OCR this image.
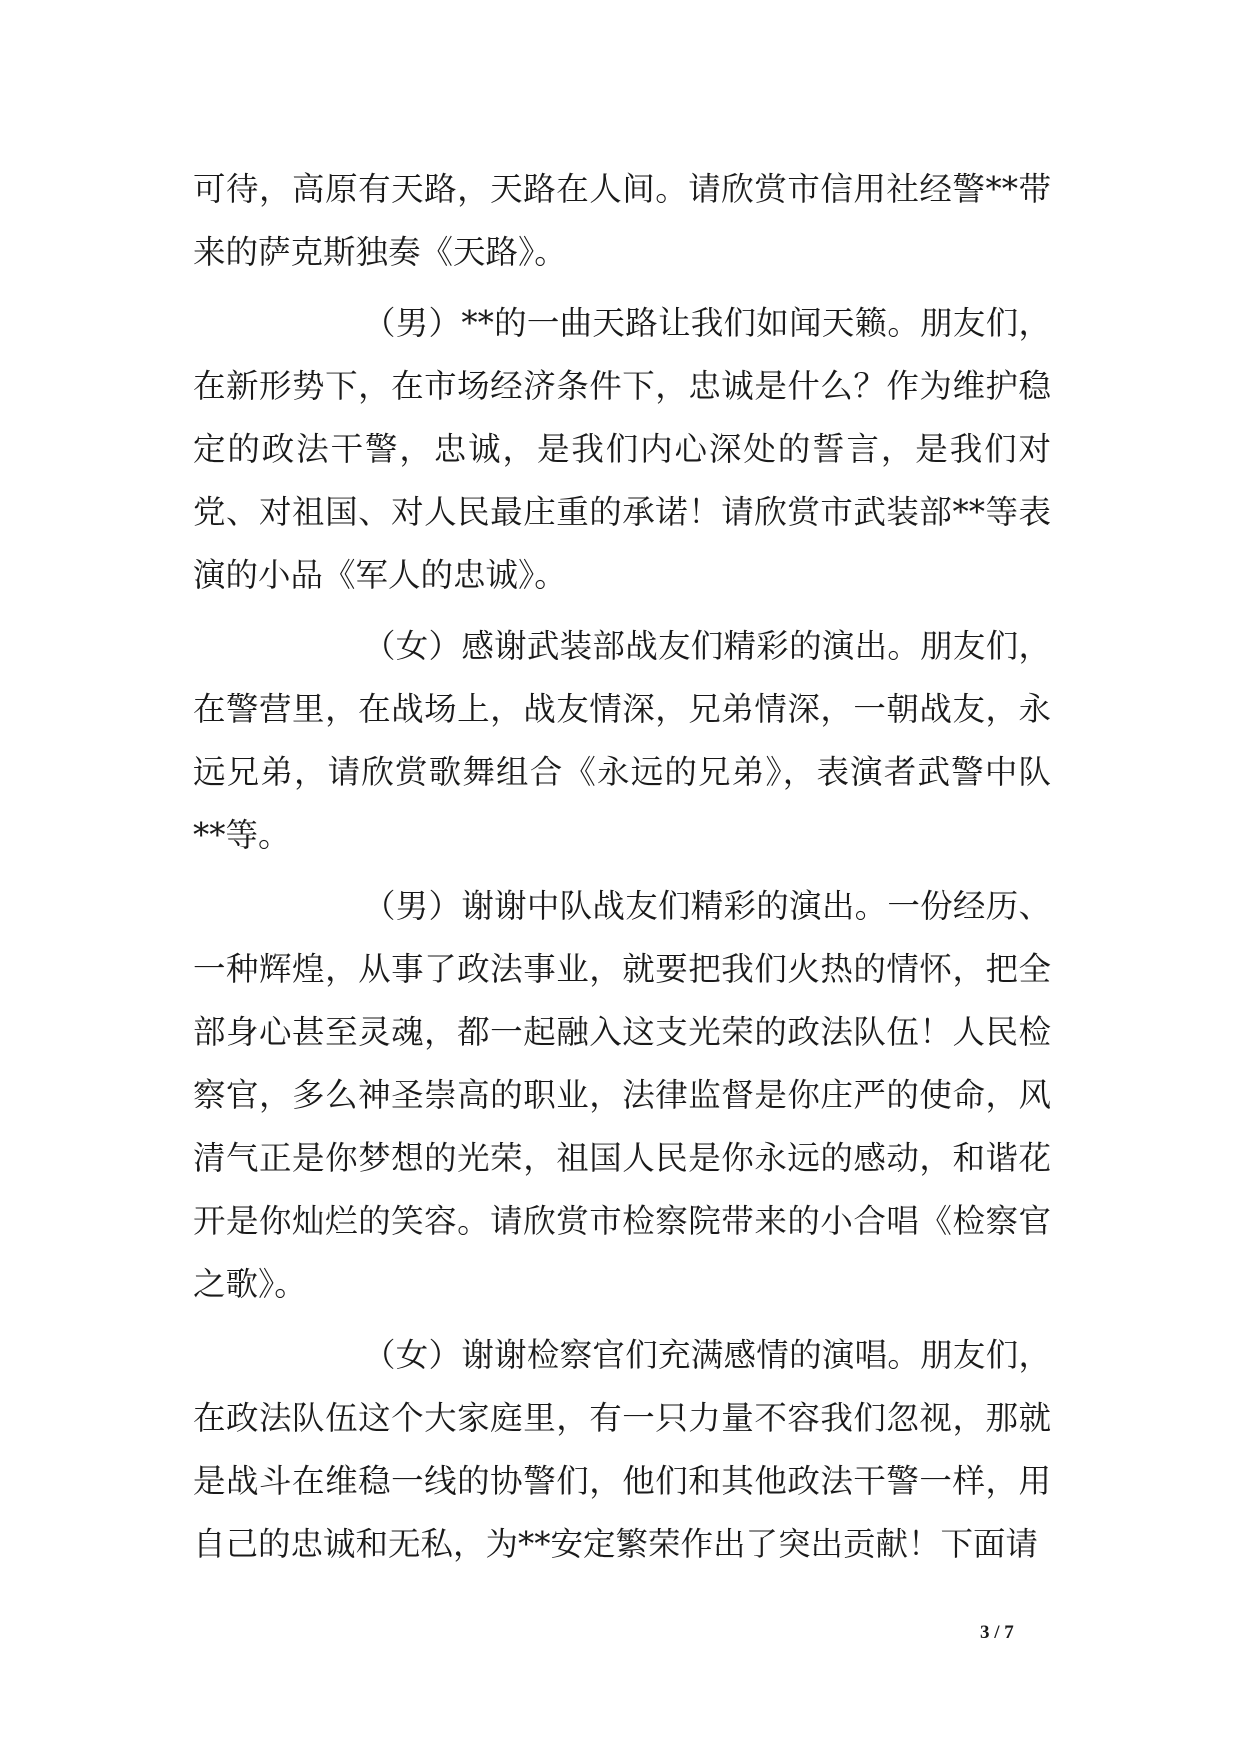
可待，高原有天路，天路在人间。请欣赏市信用社经警**带来的萨克斯独奏《天路》。

（男）**的一曲天路让我们如闻天籁。朋友们，在新形势下，在市场经济条件下，忠诚是什么？作为维护稳定的政法干警，忠诚，是我们内心深处的誓言，是我们对党、对祖国、对人民最庄重的承诺！请欣赏市武装部**等表演的小品《军人的忠诚》。

（女）感谢武装部战友们精彩的演出。朋友们，在警营里，在战场上，战友情深，兄弟情深，一朝战友，永远兄弟，请欣赏歌舞组合《永远的兄弟》，表演者武警中队**等。

（男）谢谢中队战友们精彩的演出。一份经历、一种辉煌，从事了政法事业，就要把我们火热的情怀，把全部身心甚至灵魂，都一起融入这支光荣的政法队伍！人民检察官，多么神圣崇高的职业，法律监督是你庄严的使命，风清气正是你梦想的光荣，祖国人民是你永远的感动，和谐花开是你灿烂的笑容。请欣赏市检察院带来的小合唱《检察官之歌》。

（女）谢谢检察官们充满感情的演唱。朋友们，在政法队伍这个大家庭里，有一只力量不容我们忽视，那就是战斗在维稳一线的协警们，他们和其他政法干警一样，用自己的忠诚和无私，为**安定繁荣作出了突出贡献！下面请

3 / 7
